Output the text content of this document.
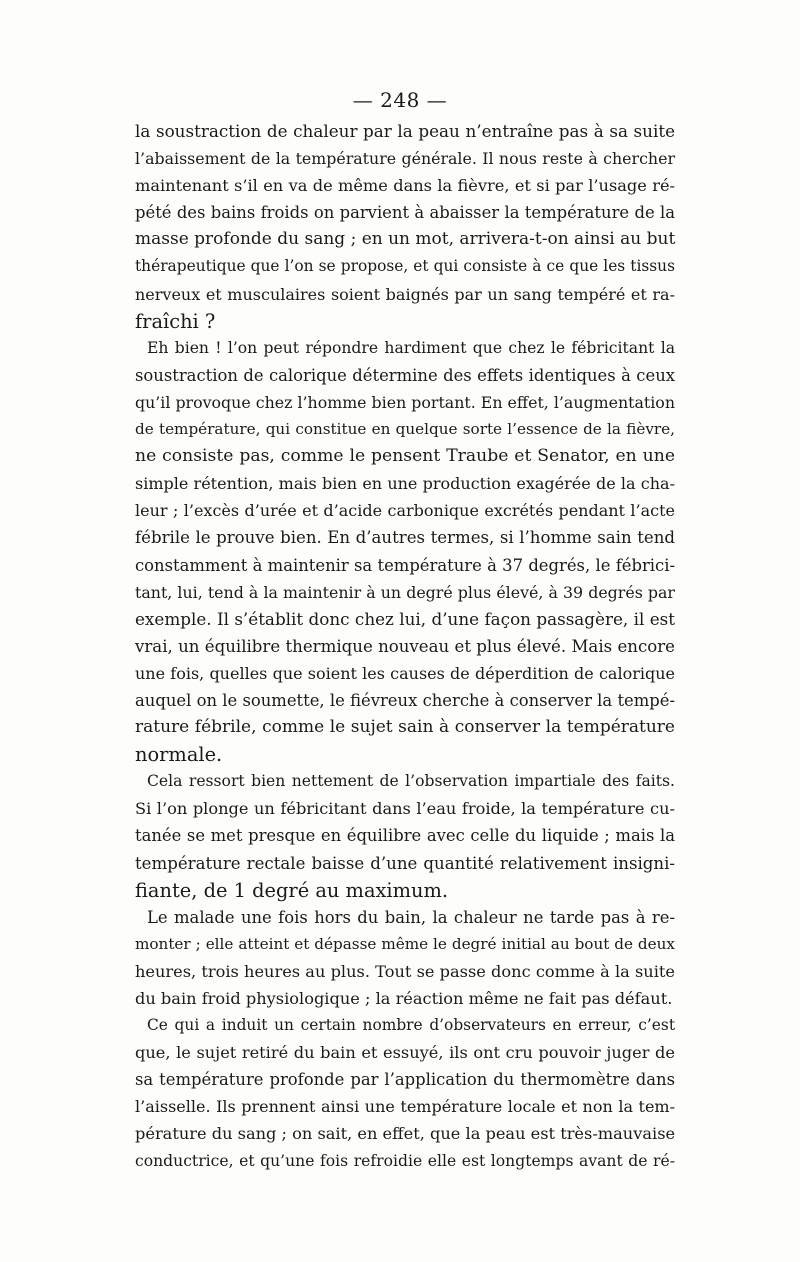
— 248 —
la soustraction de chaleur par la peau n’entraîne pas à sa suite
l’abaissement de la température générale. Il nous reste à chercher
maintenant s’il en va de même dans la fièvre, et si par l’usage ré-
pété des bains froids on parvient à abaisser la température de la
masse profonde du sang ; en un mot, arrivera-t-on ainsi au but
thérapeutique que l’on se propose, et qui consiste à ce que les tissus
nerveux et musculaires soient baignés par un sang tempéré et ra-
fraîchi ?
Eh bien ! l’on peut répondre hardiment que chez le fébricitant la
soustraction de calorique détermine des effets identiques à ceux
qu’il provoque chez l’homme bien portant. En effet, l’augmentation
de température, qui constitue en quelque sorte l’essence de la fièvre,
ne consiste pas, comme le pensent Traube et Senator, en une
simple rétention, mais bien en une production exagérée de la cha-
leur ; l’excès d’urée et d’acide carbonique excrétés pendant l’acte
fébrile le prouve bien. En d’autres termes, si l’homme sain tend
constamment à maintenir sa température à 37 degrés, le fébrici-
tant, lui, tend à la maintenir à un degré plus élevé, à 39 degrés par
exemple. Il s’établit donc chez lui, d’une façon passagère, il est
vrai, un équilibre thermique nouveau et plus élevé. Mais encore
une fois, quelles que soient les causes de déperdition de calorique
auquel on le soumette, le fiévreux cherche à conserver la tempé-
rature fébrile, comme le sujet sain à conserver la température
normale.
Cela ressort bien nettement de l’observation impartiale des faits.
Si l’on plonge un fébricitant dans l’eau froide, la température cu-
tanée se met presque en équilibre avec celle du liquide ; mais la
température rectale baisse d’une quantité relativement insigni-
fiante, de 1 degré au maximum.
Le malade une fois hors du bain, la chaleur ne tarde pas à re-
monter ; elle atteint et dépasse même le degré initial au bout de deux
heures, trois heures au plus. Tout se passe donc comme à la suite
du bain froid physiologique ; la réaction même ne fait pas défaut.
Ce qui a induit un certain nombre d’observateurs en erreur, c’est
que, le sujet retiré du bain et essuyé, ils ont cru pouvoir juger de
sa température profonde par l’application du thermomètre dans
l’aisselle. Ils prennent ainsi une température locale et non la tem-
pérature du sang ; on sait, en effet, que la peau est très-mauvaise
conductrice, et qu’une fois refroidie elle est longtemps avant de ré-
